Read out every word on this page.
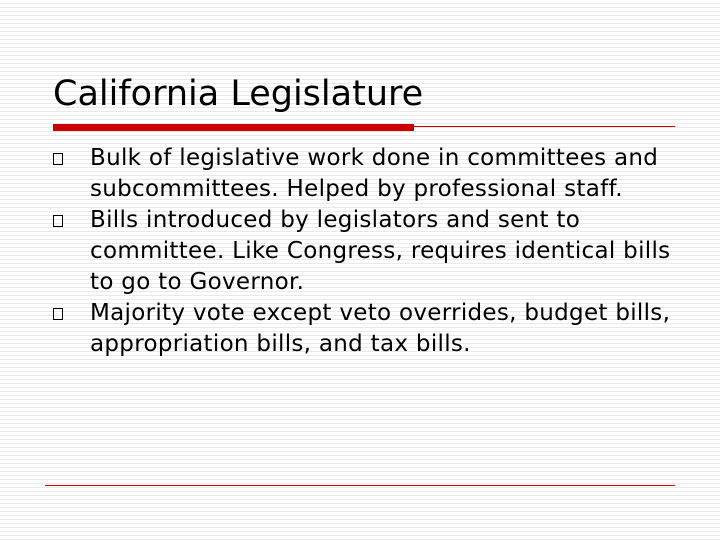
California Legislature
Bulk of legislative work done in committees and subcommittees. Helped by professional staff.
Bills introduced by legislators and sent to committee. Like Congress, requires identical bills to go to Governor.
Majority vote except veto overrides, budget bills, appropriation bills, and tax bills.
